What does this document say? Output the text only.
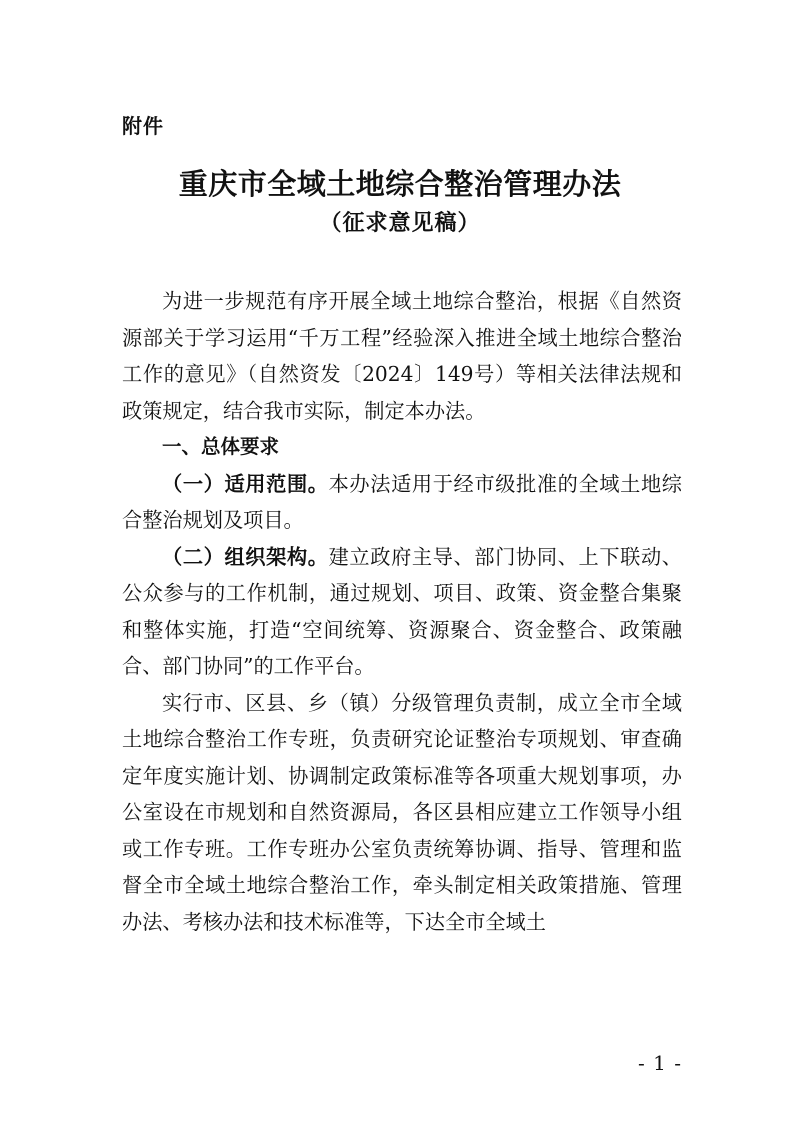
附件
重庆市全域土地综合整治管理办法
（征求意见稿）

为进一步规范有序开展全域土地综合整治，根据《自然资源部关于学习运用“千万工程”经验深入推进全域土地综合整治工作的意见》（自然资发〔2024〕149号）等相关法律法规和政策规定，结合我市实际，制定本办法。

一、总体要求

（一）适用范围。本办法适用于经市级批准的全域土地综合整治规划及项目。

（二）组织架构。建立政府主导、部门协同、上下联动、公众参与的工作机制，通过规划、项目、政策、资金整合集聚和整体实施，打造“空间统筹、资源聚合、资金整合、政策融合、部门协同”的工作平台。

实行市、区县、乡（镇）分级管理负责制，成立全市全域土地综合整治工作专班，负责研究论证整治专项规划、审查确定年度实施计划、协调制定政策标准等各项重大规划事项，办公室设在市规划和自然资源局，各区县相应建立工作领导小组或工作专班。工作专班办公室负责统筹协调、指导、管理和监督全市全域土地综合整治工作，牵头制定相关政策措施、管理办法、考核办法和技术标准等，下达全市全域土

- 1 -
